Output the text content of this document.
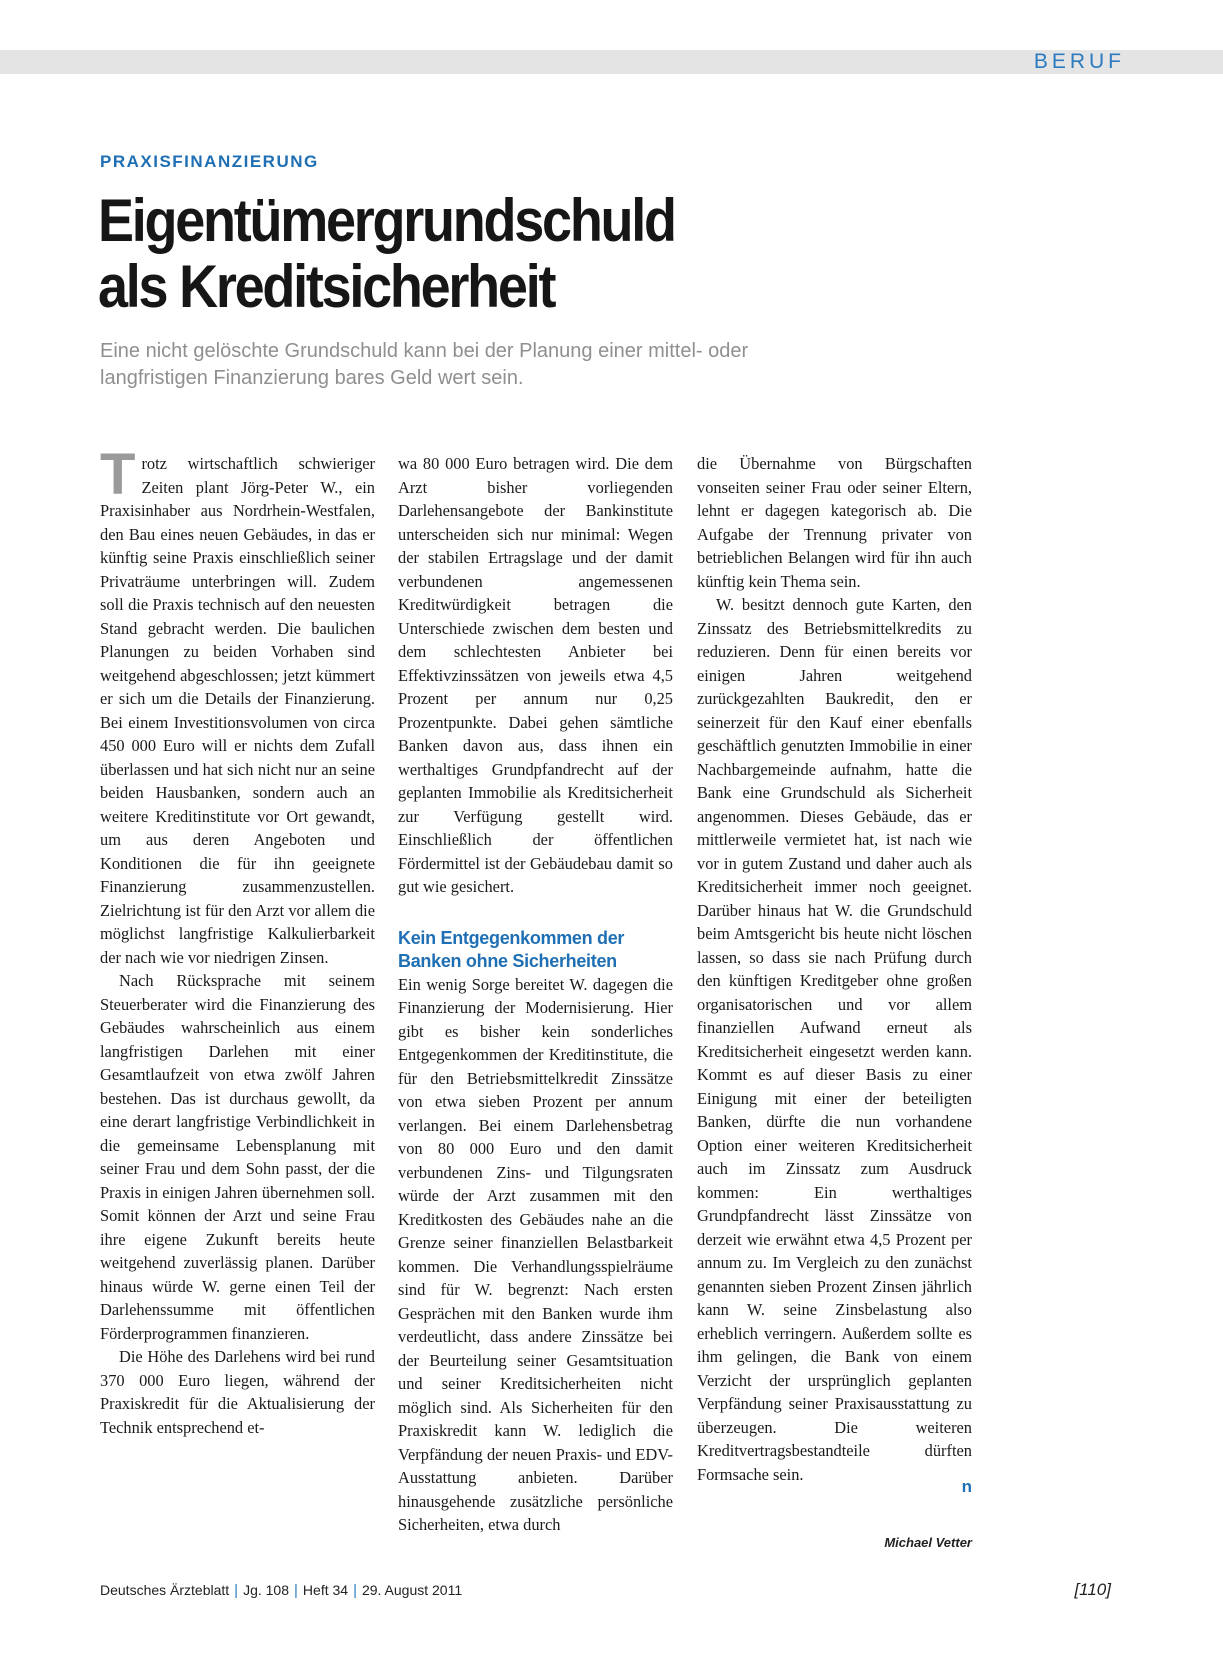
BERUF
PRAXISFINANZIERUNG
Eigentümergrundschuld
als Kreditsicherheit
Eine nicht gelöschte Grundschuld kann bei der Planung einer mittel- oder langfristigen Finanzierung bares Geld wert sein.

Trotz wirtschaftlich schwieriger Zeiten plant Jörg-Peter W., ein Praxisinhaber aus Nordrhein-Westfalen, den Bau eines neuen Gebäudes, in das er künftig seine Praxis einschließlich seiner Privaträume unterbringen will. Zudem soll die Praxis technisch auf den neuesten Stand gebracht werden. Die baulichen Planungen zu beiden Vorhaben sind weitgehend abgeschlossen; jetzt kümmert er sich um die Details der Finanzierung. Bei einem Investitionsvolumen von circa 450 000 Euro will er nichts dem Zufall überlassen und hat sich nicht nur an seine beiden Hausbanken, sondern auch an weitere Kreditinstitute vor Ort gewandt, um aus deren Angeboten und Konditionen die für ihn geeignete Finanzierung zusammenzustellen. Zielrichtung ist für den Arzt vor allem die möglichst langfristige Kalkulierbarkeit der nach wie vor niedrigen Zinsen.

Nach Rücksprache mit seinem Steuerberater wird die Finanzierung des Gebäudes wahrscheinlich aus einem langfristigen Darlehen mit einer Gesamtlaufzeit von etwa zwölf Jahren bestehen. Das ist durchaus gewollt, da eine derart langfristige Verbindlichkeit in die gemeinsame Lebensplanung mit seiner Frau und dem Sohn passt, der die Praxis in einigen Jahren übernehmen soll. Somit können der Arzt und seine Frau ihre eigene Zukunft bereits heute weitgehend zuverlässig planen. Darüber hinaus würde W. gerne einen Teil der Darlehenssumme mit öffentlichen Förderprogrammen finanzieren.

Die Höhe des Darlehens wird bei rund 370 000 Euro liegen, während der Praxiskredit für die Aktualisierung der Technik entsprechend et-

wa 80 000 Euro betragen wird. Die dem Arzt bisher vorliegenden Darlehensangebote der Bankinstitute unterscheiden sich nur minimal: Wegen der stabilen Ertragslage und der damit verbundenen angemessenen Kreditwürdigkeit betragen die Unterschiede zwischen dem besten und dem schlechtesten Anbieter bei Effektivzinssätzen von jeweils etwa 4,5 Prozent per annum nur 0,25 Prozentpunkte. Dabei gehen sämtliche Banken davon aus, dass ihnen ein werthaltiges Grundpfandrecht auf der geplanten Immobilie als Kreditsicherheit zur Verfügung gestellt wird. Einschließlich der öffentlichen Fördermittel ist der Gebäudebau damit so gut wie gesichert.

Kein Entgegenkommen der Banken ohne Sicherheiten

Ein wenig Sorge bereitet W. dagegen die Finanzierung der Modernisierung. Hier gibt es bisher kein sonderliches Entgegenkommen der Kreditinstitute, die für den Betriebsmittelkredit Zinssätze von etwa sieben Prozent per annum verlangen. Bei einem Darlehensbetrag von 80 000 Euro und den damit verbundenen Zins- und Tilgungsraten würde der Arzt zusammen mit den Kreditkosten des Gebäudes nahe an die Grenze seiner finanziellen Belastbarkeit kommen. Die Verhandlungsspielräume sind für W. begrenzt: Nach ersten Gesprächen mit den Banken wurde ihm verdeutlicht, dass andere Zinssätze bei der Beurteilung seiner Gesamtsituation und seiner Kreditsicherheiten nicht möglich sind. Als Sicherheiten für den Praxiskredit kann W. lediglich die Verpfändung der neuen Praxis- und EDV-Ausstattung anbieten. Darüber hinausgehende zusätzliche persönliche Sicherheiten, etwa durch

die Übernahme von Bürgschaften vonseiten seiner Frau oder seiner Eltern, lehnt er dagegen kategorisch ab. Die Aufgabe der Trennung privater von betrieblichen Belangen wird für ihn auch künftig kein Thema sein.

W. besitzt dennoch gute Karten, den Zinssatz des Betriebsmittelkredits zu reduzieren. Denn für einen bereits vor einigen Jahren weitgehend zurückgezahlten Baukredit, den er seinerzeit für den Kauf einer ebenfalls geschäftlich genutzten Immobilie in einer Nachbargemeinde aufnahm, hatte die Bank eine Grundschuld als Sicherheit angenommen. Dieses Gebäude, das er mittlerweile vermietet hat, ist nach wie vor in gutem Zustand und daher auch als Kreditsicherheit immer noch geeignet. Darüber hinaus hat W. die Grundschuld beim Amtsgericht bis heute nicht löschen lassen, so dass sie nach Prüfung durch den künftigen Kreditgeber ohne großen organisatorischen und vor allem finanziellen Aufwand erneut als Kreditsicherheit eingesetzt werden kann. Kommt es auf dieser Basis zu einer Einigung mit einer der beteiligten Banken, dürfte die nun vorhandene Option einer weiteren Kreditsicherheit auch im Zinssatz zum Ausdruck kommen: Ein werthaltiges Grundpfandrecht lässt Zinssätze von derzeit wie erwähnt etwa 4,5 Prozent per annum zu. Im Vergleich zu den zunächst genannten sieben Prozent Zinsen jährlich kann W. seine Zinsbelastung also erheblich verringern. Außerdem sollte es ihm gelingen, die Bank von einem Verzicht der ursprünglich geplanten Verpfändung seiner Praxisausstattung zu überzeugen. Die weiteren Kreditvertragsbestandteile dürften Formsache sein.

n
Michael Vetter
Deutsches Ärzteblatt | Jg. 108 | Heft 34 | 29. August 2011	[110]
